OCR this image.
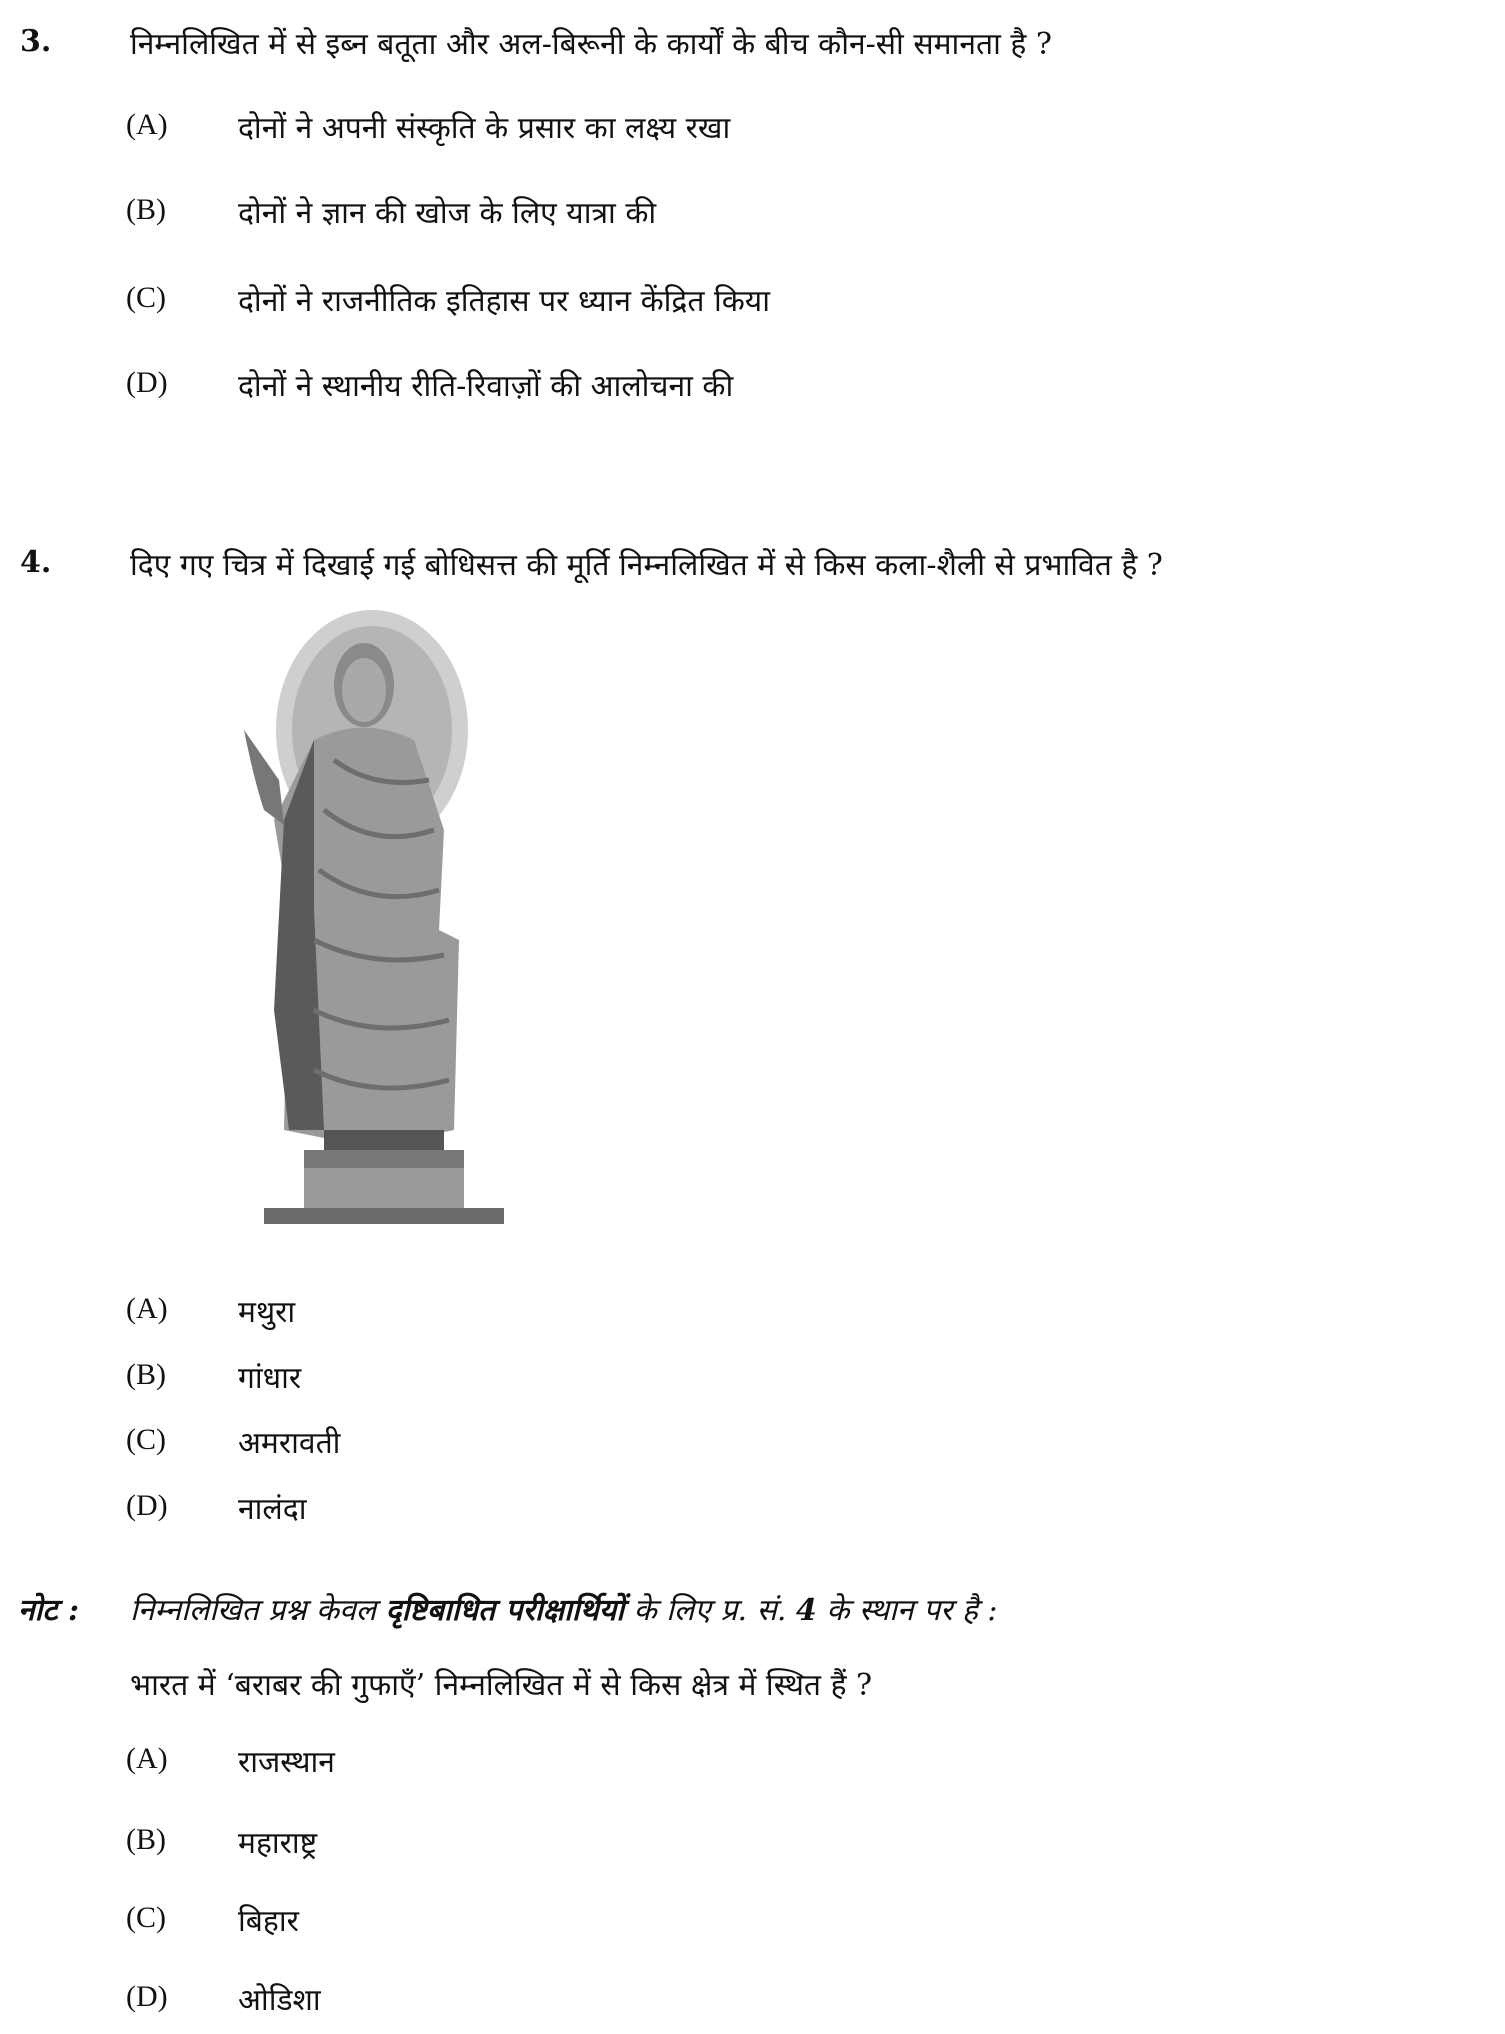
3.	निम्नलिखित में से इब्न बतूता और अल-बिरूनी के कार्यों के बीच कौन-सी समानता है ?
(A) दोनों ने अपनी संस्कृति के प्रसार का लक्ष्य रखा
(B) दोनों ने ज्ञान की खोज के लिए यात्रा की
(C) दोनों ने राजनीतिक इतिहास पर ध्यान केंद्रित किया
(D) दोनों ने स्थानीय रीति-रिवाज़ों की आलोचना की
4.	दिए गए चित्र में दिखाई गई बोधिसत्त की मूर्ति निम्नलिखित में से किस कला-शैली से प्रभावित है ?
(A) मथुरा
(B) गांधार
(C) अमरावती
(D) नालंदा
नोट : निम्नलिखित प्रश्न केवल दृष्टिबाधित परीक्षार्थियों के लिए प्र. सं. 4 के स्थान पर है :
भारत में ‘बराबर की गुफाएँ’ निम्नलिखित में से किस क्षेत्र में स्थित हैं ?
(A) राजस्थान
(B) महाराष्ट्र
(C) बिहार
(D) ओडिशा
